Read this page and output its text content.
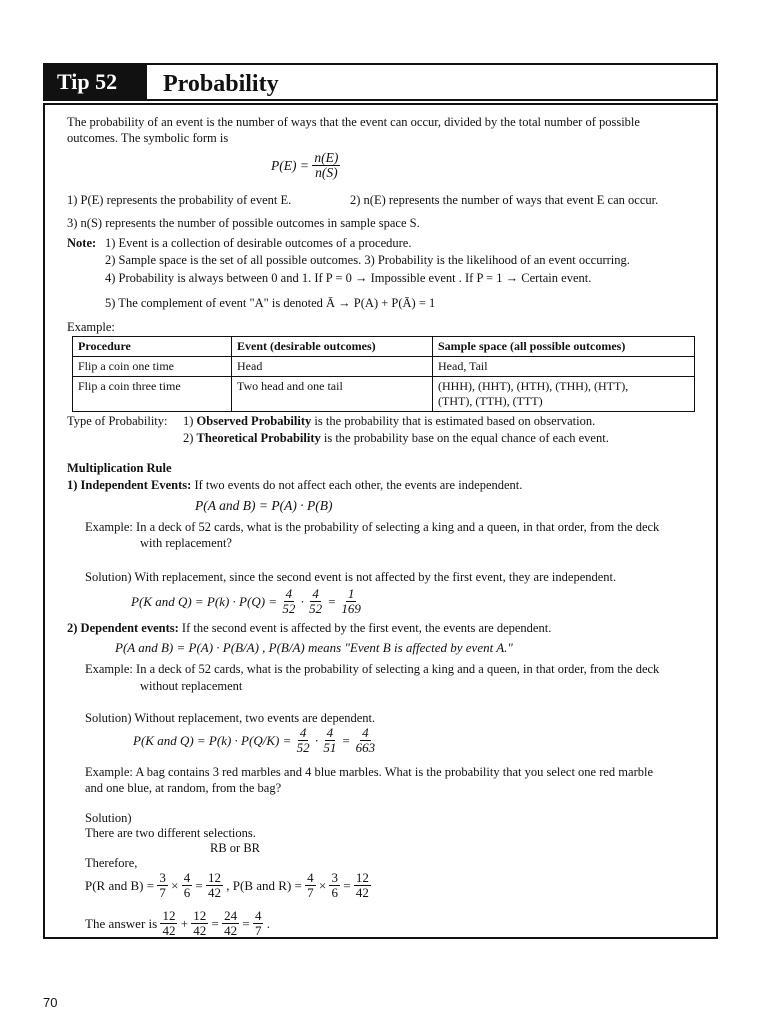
Tip 52	Probability
The probability of an event is the number of ways that the event can occur, divided by the total number of possible
outcomes. The symbolic form is
$P(E) = \frac{n(E)}{n(S)}$
1) P(E) represents the probability of event E.	2) n(E) represents the number of ways that event E can occur.
3) n(S) represents the number of possible outcomes in sample space S.
Note: 1) Event is a collection of desirable outcomes of a procedure.
2) Sample space is the set of all possible outcomes. 3) Probability is the likelihood of an event occurring.
4) Probability is always between 0 and 1. If P = 0 → Impossible event . If P = 1 → Certain event.
5) The complement of event "A" is denoted Ā → P(A) + P(Ā) = 1
Example:
Procedure	Event (desirable outcomes)	Sample space (all possible outcomes)
Flip a coin one time	Head	Head, Tail
Flip a coin three time	Two head and one tail	(HHH), (HHT), (HTH), (THH), (HTT),
(THT), (TTH), (TTT)
Type of Probability: 1) Observed Probability is the probability that is estimated based on observation.
2) Theoretical Probability is the probability base on the equal chance of each event.
Multiplication Rule
1) Independent Events: If two events do not affect each other, the events are independent.
P(A and B) = P(A) · P(B)
Example: In a deck of 52 cards, what is the probability of selecting a king and a queen, in that order, from the deck
with replacement?
Solution) With replacement, since the second event is not affected by the first event, they are independent.
P(K and $Q) = P(k) \cdot P(Q) = \frac{4}{52} \cdot \frac{4}{52} = \frac{1}{169}$
2) Dependent events: If the second event is affected by the first event, the events are dependent.
P(A and B) = P(A) · P(B/A) , P(B/A) means "Event B is affected by event A."
Example: In a deck of 52 cards, what is the probability of selecting a king and a queen, in that order, from the deck
without replacement
Solution) Without replacement, two events are dependent.
P(K and $Q) = P(k) \cdot P(Q/K) = \frac{4}{52} \cdot \frac{4}{51} = \frac{4}{663}$
Example: A bag contains 3 red marbles and 4 blue marbles. What is the probability that you select one red marble
and one blue, at random, from the bag?
Solution)
There are two different selections.
RB or BR
Therefore,
P(R and $B) = \frac{3}{7} \times \frac{4}{6} = \frac{12}{42}$ , P(B and $R) = \frac{4}{7} \times \frac{3}{6} = \frac{12}{42}$
The answer is $\frac{12}{42} + \frac{12}{42} = \frac{24}{42} = \frac{4}{7}$ .
70
